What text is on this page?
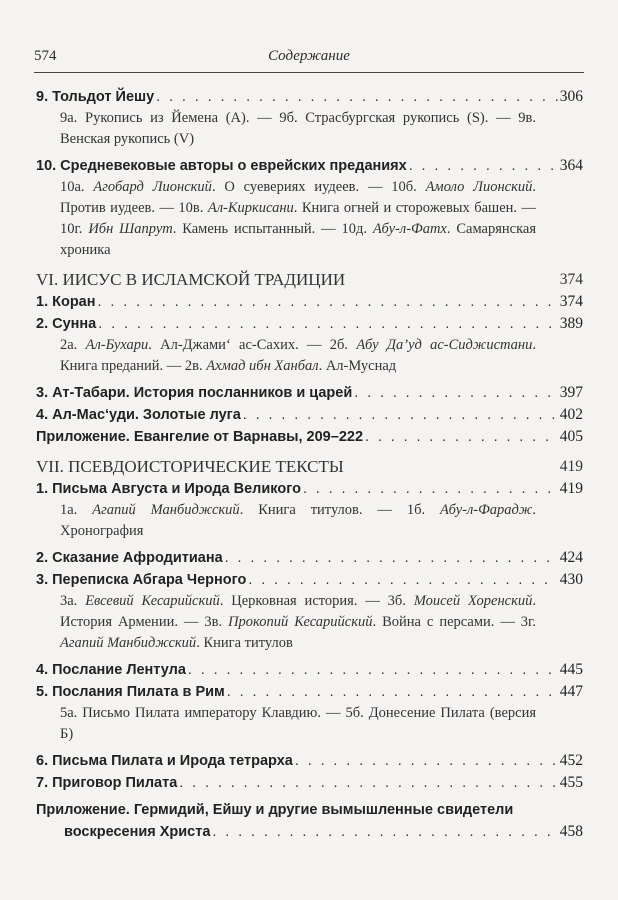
574	Содержание
9. Тольдот Йешу . . .	306
9а. Рукопись из Йемена (A). — 9б. Страсбургская рукопись (S). — 9в. Венская рукопись (V)
10. Средневековые авторы о еврейских преданиях . . .	364
10а. Агобард Лионский. О суевериях иудеев. — 10б. Амоло Лионский. Против иудеев. — 10в. Ал-Киркисани. Книга огней и сторожевых башен. — 10г. Ибн Шапрут. Камень испытанный. — 10д. Абу-л-Фатх. Самарянская хроника
VI. ИИСУС В ИСЛАМСКОЙ ТРАДИЦИИ	374
1. Коран . . .	374
2. Сунна . . .	389
2а. Ал-Бухари. Ал-Джами‘ ас-Сахих. — 2б. Абу Да’уд ас-Сиджистани. Книга преданий. — 2в. Ахмад ибн Ханбал. Ал-Муснад
3. Ат-Табари. История посланников и царей . . .	397
4. Ал-Мас‘уди. Золотые луга . . .	402
Приложение. Евангелие от Варнавы, 209–222 . . .	405
VII. ПСЕВДОИСТОРИЧЕСКИЕ ТЕКСТЫ	419
1. Письма Августа и Ирода Великого . . .	419
1а. Агапий Манбиджский. Книга титулов. — 1б. Абу-л-Фарадж. Хронография
2. Сказание Афродитиана . . .	424
3. Переписка Абгара Черного . . .	430
3а. Евсевий Кесарийский. Церковная история. — 3б. Моисей Хоренский. История Армении. — 3в. Прокопий Кесарийский. Война с персами. — 3г. Агапий Манбиджский. Книга титулов
4. Послание Лентула . . .	445
5. Послания Пилата в Рим . . .	447
5а. Письмо Пилата императору Клавдию. — 5б. Донесение Пилата (версия Б)
6. Письма Пилата и Ирода тетрарха . . .	452
7. Приговор Пилата . . .	455
Приложение. Гермидий, Ейшу и другие вымышленные свидетели
воскресения Христа . . .	458
